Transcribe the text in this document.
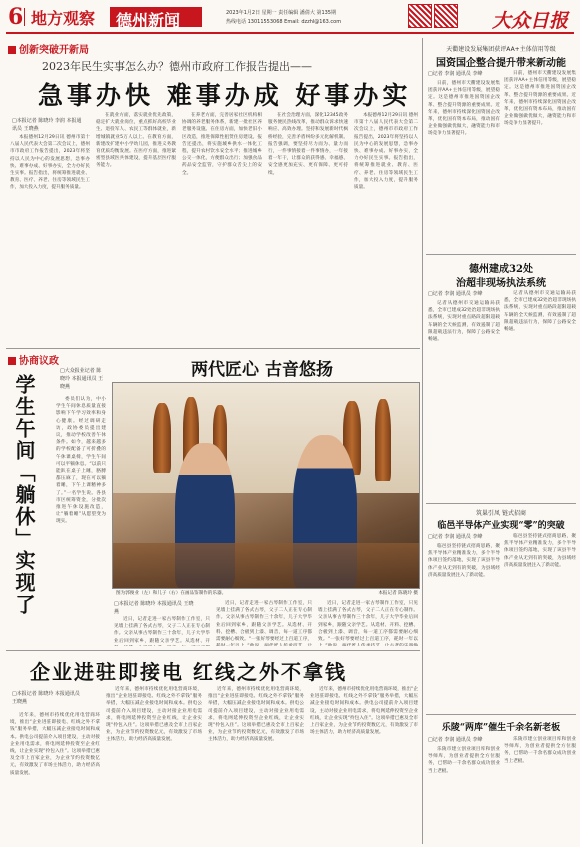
6 地方观察 德州新闻	2023年1月2日 星期一 责任编辑 潘倩大 第135期
热线电话 13011553068 Email: dzzhl@163.com	大众日报
创新突破开新局
2023年民生实事怎么办？德州市政府工作报告提出——
急事办快 难事办成 好事办实
□本报记者 陈晓玲 李润 本报通讯员 王晓燕

本报德州12月29日讯 德州市第十八届人民代表大会第二次会议上，德州市市政府工作报告提出，2023年将坚持以人民为中心的发展思想，急事办快、难事办成、好事办实，全力办好民生实事。报告指出，将统筹推进就业、教育、医疗、养老、住房等领域民生工作，加大投入力度，提升服务质量。

在就业方面，落实就业优先政策，稳定扩大就业岗位，重点抓好高校毕业生、退役军人、农民工等群体就业，新增城镇就业5万人以上。在教育方面，新建改扩建中小学幼儿园，推进义务教育优质均衡发展。在医疗方面，推进紧密型县域医共体建设，提升基层医疗服务能力。

在养老方面，完善居家社区机构相协调的养老服务体系，新建一批社区养老服务设施。在住房方面，加快老旧小区改造，推进保障性租赁住房建设。报告还提出，将实施城乡供水一体化工程，提升农村饮水安全水平；推进城乡公交一体化，方便群众出行；加强食品药品安全监管，守护群众舌尖上的安全。

在社会治理方面，深化12345政务服务便民热线改革，推动群众诉求快速响应、高效办理。坚持和发展新时代枫桥经验，完善矛盾纠纷多元化解机制。报告强调，要坚持尽力而为、量力而行，一件事情接着一件事情办，一年接着一年干，让群众的获得感、幸福感、安全感更加充实、更有保障、更可持续。

本报德州12月29日讯 德州市第十八届人民代表大会第二次会议上，德州市市政府工作报告提出，2023年将坚持以人民为中心的发展思想，急事办快、难事办成、好事办实，全力办好民生实事。报告指出，将统筹推进就业、教育、医疗、养老、住房等领域民生工作，加大投入力度，提升服务质量。

协商议政
□大众报业记者 陈晓玲 本报通讯员 王晓燕
学生午间「躺休」实现了	委员们认为，中小学生午间休息质量直接影响下午学习效率和身心健康。经过调研走访，政协委员提出建议，推动学校改善午休条件。如今，越来越多的学校配备了可折叠的午休课桌椅，学生午间可以平躺休息。“以前只能趴在桌子上睡，胳膊都压麻了，现在可以躺着睡，下午上课精神多了。”一名学生说。各县市区统筹资金，分批次推进午休设施改造，让“躺着睡”从愿望变为现实。

两代匠心 古音悠扬
图为郭俊业（左）和儿子（右）在画品鉴制作的乐器。	本报记者 陈晓玲 摄
□本报记者 陈晓玲 本报通讯员 王晓燕

近日，记者走进一家古琴制作工作室，只见墙上挂满了各式古琴，父子二人正在专心制作。父亲从事古琴制作三十余年，儿子大学毕业后回到家乡，跟随父亲学艺。从选材、开

近日，记者走进一家古琴制作工作室，只见墙上挂满了各式古琴，父子二人正在专心制作。父亲从事古琴制作三十余年，儿子大学毕业后回到家乡，跟随父亲学艺。从选材、开料、挖槽、合板到上漆、调音，每一道工序都需要耐心细致。“一张好琴要经过上百道工序，

近日，记者走进一家古琴制作工作室，只见墙上挂满了各式古琴，父子二人正在专心制作。父亲从事古琴制作三十余年，儿子大学毕业后回到家乡，跟随父亲学艺。从选材、开料、挖槽、合板到上漆、调音，每一道工序都需要耐心细致。“一张好琴要经过上百道工序，耗时一年以

企业进驻即接电 红线之外不拿钱
□本报记者 陈晓玲 本报通讯员 王晓燕

近年来，德州市持续优化用电营商环境，推出“企业进驻即接电、红线之外不拿钱”服务举措，大幅压减企业接电时间和成本。供电公司提前介入项目建设，主动对接企业用电需求，将电网延伸投资至企业红线，让企业实现“拎包入住”。这项举措已惠及全市上百家企业，为企业节约投资数亿元，有效激发了市场主体活力，助力经济高质量发展。

近年来，德州市持续优化用电营商环境，推出“企业进驻即接电、红线之外不拿钱”服务举措，大幅压减企业接电时间和成本。供电公司提前介入项目建设，主动对接企业用电需求，将电网延伸投资至企业红线，让企业实现“拎包入住”。这项举措已惠及全市上百家企业，为企业节约投资数亿元，有效激发了市场主体活力，助力经济高质量发展。

近年来，德州市持续优化用电营商环境，推出“企业进驻即接电、红线之外不拿钱”服务举措，大幅压减企业接电时间和成本。供电公司提前介入项目建设，主动对接企业用电需求，将电网延伸投资至企业红线，让企业实现“拎包入住”。这项举措已惠及全市上百家企业，为企业节约投资数亿元，有效激发了市场主体活力，助力经济高质量发展。

近年来，德州市持续优化用电营商环境，推出“企业进驻即接电、红线之外不拿钱”服务举措，大幅压减企业接电时间和成本。供电公司提前介入项目建设，主动对接企业用电需求，将电网延伸投资至企业红线，让企业实现“拎包入住”。这项举措已惠及全市上百家企业，为企业节约投资数亿元，有效激发了市场主体活力，助力经济高质量发展。

天衢建设发展集团获评AA+主体信用等级
国资国企整合提升带来新动能
□记者 李润 通讯员 李峰

日前，德州市天衢建设发展集团获评AA+主体信用等级，展望稳定。这是德州市推进国资国企改革、整合提升资源的重要成果。近年来，德州市持续深化国资国企改革，优化国有资本布局，推动国有企业做强做优做大，融资能力和市场竞争力显著提升。

日前，德州市天衢建设发展集团获评AA+主体信用等级，展望稳定。这是德州市推进国资国企改革、整合提升资源的重要成果。近年来，德州市持续深化国资国企改革，优化国有资本布局，推动国有企业做强做优做大，融资能力和市场竞争力显著提升。

德州建成32处
治超非现场执法系统
□记者 李润 通讯员 李峰

记者从德州市交通运输局获悉，全市已建成32处治超非现场执法系统，实现对重点路段超限超载车辆的全天候监测，有效遏制了超限超载违法行为，保障了公路安全畅通。

记者从德州市交通运输局获悉，全市已建成32处治超非现场执法系统，实现对重点路段超限超载车辆的全天候监测，有效遏制了超限超载违法行为，保障了公路安全畅通。

筑巢引凤 链式招商
临邑半导体产业实现“零”的突破
□记者 李润 通讯员 李峰

临邑县坚持链式招商思路，聚焦半导体产业精准发力，多个半导体项目签约落地，实现了该县半导体产业从无到有的突破，为县域经济高质量发展注入了新动能。

临邑县坚持链式招商思路，聚焦半导体产业精准发力，多个半导体项目签约落地，实现了该县半导体产业从无到有的突破，为县域经济高质量发展注入了新动能。

乐陵“两库”催生千余名新老板
□记者 李润 通讯员 李峰

乐陵市建立创业项目库和创业导师库，为创业者提供全方位服务，已帮助一千余名群众成功创业当上老板。

乐陵市建立创业项目库和创业导师库，为创业者提供全方位服务，已帮助一千余名群众成功创业当上老板。
